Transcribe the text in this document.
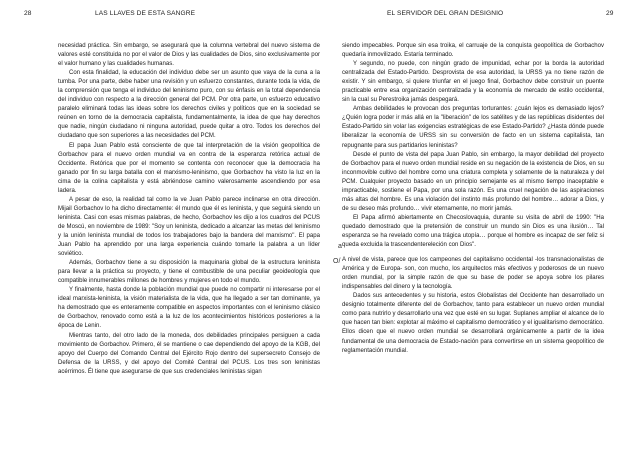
28	LAS LLAVES DE ESTA SANGRE

necesidad práctica. Sin embargo, se asegurará que la columna vertebral del nuevo sistema de valores esté constituida no por el valor de Dios y las cualidades de Dios, sino exclusivamente por el valor humano y las cualidades humanas.

Con esta finalidad, la educación del individuo debe ser un asunto que vaya de la cuna a la tumba. Por una parte, debe haber una revisión y un esfuerzo constantes, durante toda la vida, de la comprensión que tenga el individuo del leninismo puro, con su énfasis en la total dependencia del individuo con respecto a la dirección general del PCM. Por otra parte, un esfuerzo educativo paralelo eliminará todas las ideas sobre los derechos civiles y políticos que en la sociedad se reúnen en torno de la democracia capitalista, fundamentalmente, la idea de que hay derechos que nadie, ningún ciudadano ni ninguna autoridad, puede quitar a otro. Todos los derechos del ciudadano que son superiores a las necesidades del PCM.

El papa Juan Pablo está consciente de que tal interpretación de la visión geopolítica de Gorbachov para el nuevo orden mundial va en contra de la esperanza retórica actual de Occidente. Retórica que por el momento se contenta con reconocer que la democracia ha ganado por fin su larga batalla con el marxismo-leninismo, que Gorbachov ha visto la luz en la cima de la colina capitalista y está abriéndose camino valerosamente ascendiendo por esa ladera.

A pesar de eso, la realidad tal como la ve Juan Pablo parece inclinarse en otra dirección. Mijail Gorbachov lo ha dicho directamente: él mundo que él es leninista, y que seguirá siendo un leninista. Casi con esas mismas palabras, de hecho, Gorbachov les dijo a los cuadros del PCUS de Moscú, en noviembre de 1989: "Soy un leninista, dedicado a alcanzar las metas del leninismo y la unión leninista mundial de todos los trabajadores bajo la bandera del marxismo". El papa Juan Pablo ha aprendido por una larga experiencia cuándo tomarle la palabra a un líder soviético.

Además, Gorbachov tiene a su disposición la maquinaria global de la estructura leninista para llevar a la práctica su proyecto, y tiene el combustible de una peculiar geoideología que compatible innumerables millones de hombres y mujeres en todo el mundo.

Y finalmente, hasta donde la población mundial que puede no compartir ni interesarse por el ideal marxista-leninista, la visión materialista de la vida, que ha llegado a ser tan dominante, ya ha demostrado que es enteramente compatible en aspectos importantes con el leninismo clásico de Gorbachov, renovado como está a la luz de los acontecimientos históricos posteriores a la época de Lenin.

Mientras tanto, del otro lado de la moneda, dos debilidades principales persiguen a cada movimiento de Gorbachov. Primero, él se mantiene o cae dependiendo del apoyo de la KGB, del apoyo del Cuerpo del Comando Central del Ejército Rojo dentro del supersecreto Consejo de Defensa de la URSS, y del apoyo del Comité Central del PCUS. Los tres son leninistas acérrimos. Él tiene que asegurarse de que sus credenciales leninistas sigan

EL SERVIDOR DEL GRAN DESIGNIO	29
a
O/

siendo impecables. Porque sin esa troika, el carruaje de la conquista geopolítica de Gorbachov quedaría inmovilizado. Estaría terminado.

Y segundo, no puede, con ningún grado de impunidad, echar por la borda la autoridad centralizada del Estado-Partido. Desprovista de esa autoridad, la URSS ya no tiene razón de existir. Y sin embargo, si quiere triunfar en el juego final, Gorbachov debe construir un puente practicable entre esa organización centralizada y la economía de mercado de estilo occidental, sin la cual su Perestroika jamás despegará.

Ambas debilidades le provocan dos preguntas torturantes: ¿cuán lejos es demasiado lejos? ¿Quién logra poder ir más allá en la "liberación" de los satélites y de las repúblicas disidentes del Estado-Partido sin volar las exigencias estratégicas de ese Estado-Partido? ¿Hasta dónde puede liberalizar la economía de URSS sin su conversión de facto en un sistema capitalista, tan repugnante para sus partidarios leninistas?

Desde el punto de vista del papa Juan Pablo, sin embargo, la mayor debilidad del proyecto de Gorbachov para el nuevo orden mundial reside en su negación de la existencia de Dios, en su inconmovible cultivo del hombre como una criatura completa y solamente de la naturaleza y del PCM. Cualquier proyecto basado en un principio semejante es al mismo tiempo inaceptable e impracticable, sostiene el Papa, por una sola razón. Es una cruel negación de las aspiraciones más altas del hombre. Es una violación del instinto más profundo del hombre… adorar a Dios, y de su deseo más profundo… vivir eternamente, no morir jamás.

El Papa afirmó abiertamente en Checoslovaquia, durante su visita de abril de 1990: "Ha quedado demostrado que la pretensión de construir un mundo sin Dios es una ilusión… Tal esperanza se ha revelado como una trágica utopía… porque el hombre es incapaz de ser feliz si queda excluida la trascendentereleción con Dios".

A nivel de vista, parece que los campeones del capitalismo occidental -los transnacionalistas de América y de Europa- son, con mucho, los arquitectos más efectivos y poderosos de un nuevo orden mundial, por la simple razón de que su base de poder se apoya sobre los pilares indispensables del dinero y la tecnología.

Dados sus antecedentes y su historia, estos Globalistas del Occidente han desarrollado un designio totalmente diferente del de Gorbachov, tanto para establecer un nuevo orden mundial como para nutrirlo y desarrollarlo una vez que esté en su lugar. Suplanes ampliar el alcance de lo que hacen tan bien: explotar al máximo el capitalismo democrático y el igualitarismo democrático. Ellos dicen que el nuevo orden mundial se desarrollará orgánicamente a partir de la idea fundamental de una democracia de Estado-nación para convertirse en un sistema geopolítico de reglamentación mundial.
